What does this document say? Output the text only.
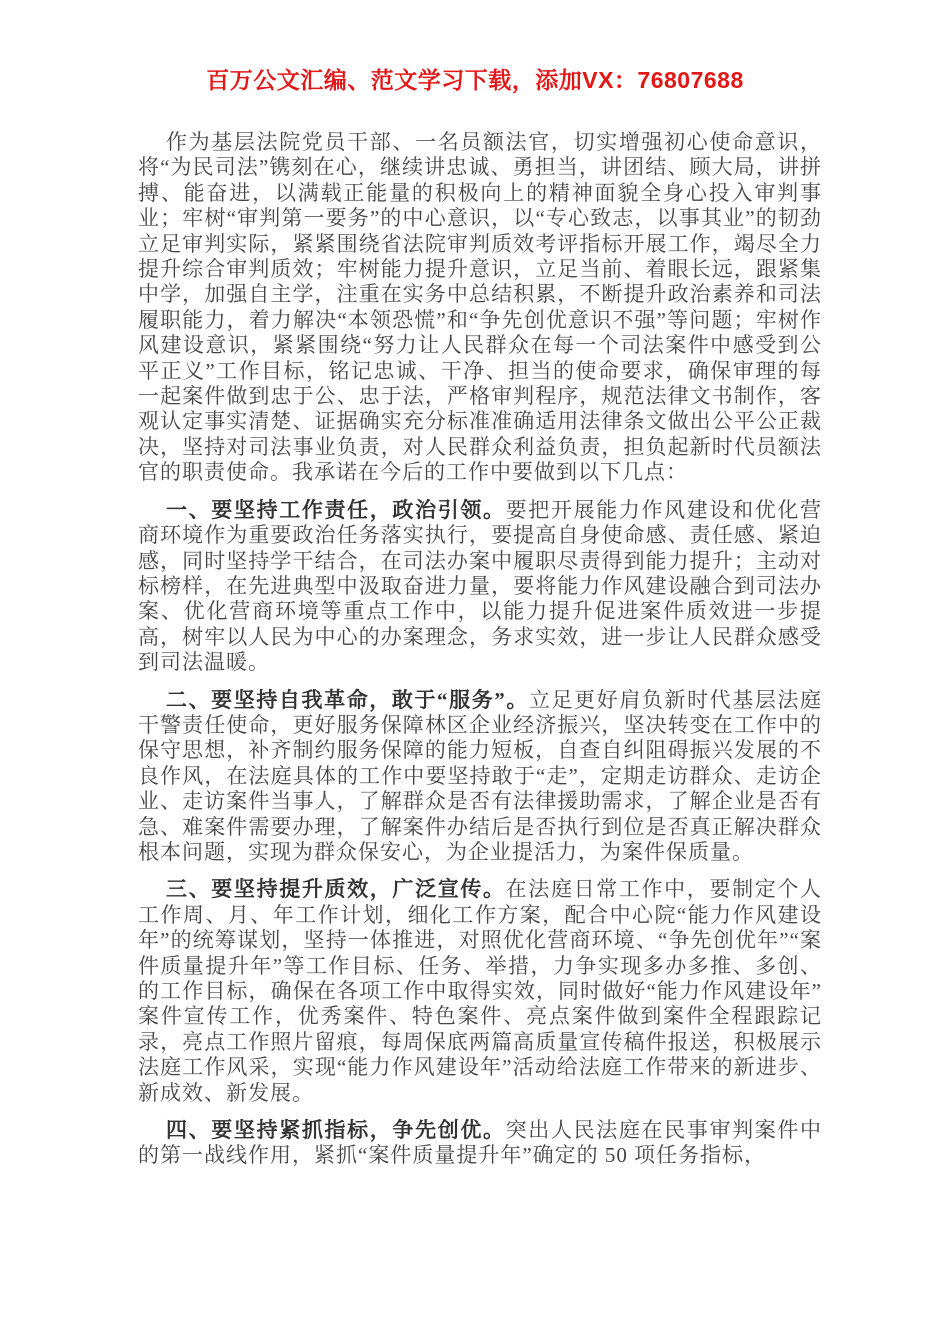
百万公文汇编、范文学习下载，添加VX：76807688

作为基层法院党员干部、一名员额法官，切实增强初心使命意识，将“为民司法”镌刻在心，继续讲忠诚、勇担当，讲团结、顾大局，讲拼搏、能奋进，以满载正能量的积极向上的精神面貌全身心投入审判事业；牢树“审判第一要务”的中心意识，以“专心致志，以事其业”的韧劲立足审判实际，紧紧围绕省法院审判质效考评指标开展工作，竭尽全力提升综合审判质效；牢树能力提升意识，立足当前、着眼长远，跟紧集中学，加强自主学，注重在实务中总结积累，不断提升政治素养和司法履职能力，着力解决“本领恐慌”和“争先创优意识不强”等问题；牢树作风建设意识，紧紧围绕“努力让人民群众在每一个司法案件中感受到公平正义”工作目标，铭记忠诚、干净、担当的使命要求，确保审理的每一起案件做到忠于公、忠于法，严格审判程序，规范法律文书制作，客观认定事实清楚、证据确实充分标准准确适用法律条文做出公平公正裁决，坚持对司法事业负责，对人民群众利益负责，担负起新时代员额法官的职责使命。我承诺在今后的工作中要做到以下几点：

一、要坚持工作责任，政治引领。要把开展能力作风建设和优化营商环境作为重要政治任务落实执行，要提高自身使命感、责任感、紧迫感，同时坚持学干结合，在司法办案中履职尽责得到能力提升；主动对标榜样，在先进典型中汲取奋进力量，要将能力作风建设融合到司法办案、优化营商环境等重点工作中，以能力提升促进案件质效进一步提高，树牢以人民为中心的办案理念，务求实效，进一步让人民群众感受到司法温暖。

二、要坚持自我革命，敢于“服务”。立足更好肩负新时代基层法庭干警责任使命，更好服务保障林区企业经济振兴，坚决转变在工作中的保守思想，补齐制约服务保障的能力短板，自查自纠阻碍振兴发展的不良作风，在法庭具体的工作中要坚持敢于“走”，定期走访群众、走访企业、走访案件当事人，了解群众是否有法律援助需求，了解企业是否有急、难案件需要办理，了解案件办结后是否执行到位是否真正解决群众根本问题，实现为群众保安心，为企业提活力，为案件保质量。

三、要坚持提升质效，广泛宣传。在法庭日常工作中，要制定个人工作周、月、年工作计划，细化工作方案，配合中心院“能力作风建设年”的统筹谋划，坚持一体推进，对照优化营商环境、“争先创优年”“案件质量提升年”等工作目标、任务、举措，力争实现多办多推、多创、的工作目标，确保在各项工作中取得实效，同时做好“能力作风建设年”案件宣传工作，优秀案件、特色案件、亮点案件做到案件全程跟踪记录，亮点工作照片留痕，每周保底两篇高质量宣传稿件报送，积极展示法庭工作风采，实现“能力作风建设年”活动给法庭工作带来的新进步、新成效、新发展。

四、要坚持紧抓指标，争先创优。突出人民法庭在民事审判案件中的第一战线作用，紧抓“案件质量提升年”确定的 50 项任务指标，
